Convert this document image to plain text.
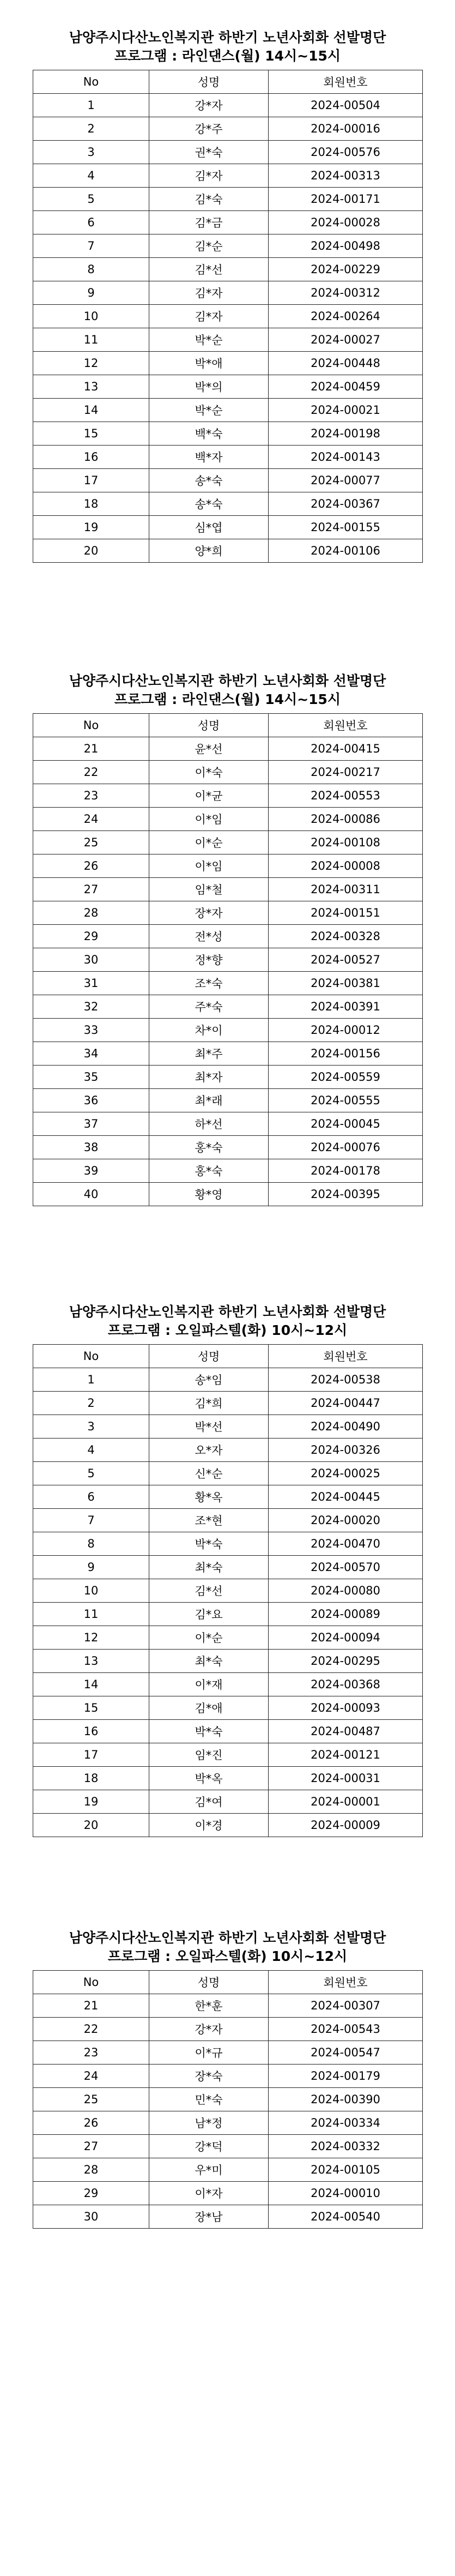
남양주시다산노인복지관 하반기 노년사회화 선발명단
프로그램 : 라인댄스(월) 14시~15시
No	성명	회원번호
1	강*자	2024-00504
2	강*주	2024-00016
3	권*숙	2024-00576
4	김*자	2024-00313
5	김*숙	2024-00171
6	김*금	2024-00028
7	김*순	2024-00498
8	김*선	2024-00229
9	김*자	2024-00312
10	김*자	2024-00264
11	박*순	2024-00027
12	박*애	2024-00448
13	박*의	2024-00459
14	박*순	2024-00021
15	백*숙	2024-00198
16	백*자	2024-00143
17	송*숙	2024-00077
18	송*숙	2024-00367
19	심*엽	2024-00155
20	양*희	2024-00106
남양주시다산노인복지관 하반기 노년사회화 선발명단
프로그램 : 라인댄스(월) 14시~15시
No	성명	회원번호
21	윤*선	2024-00415
22	이*숙	2024-00217
23	이*균	2024-00553
24	이*임	2024-00086
25	이*순	2024-00108
26	이*임	2024-00008
27	임*철	2024-00311
28	장*자	2024-00151
29	전*성	2024-00328
30	정*향	2024-00527
31	조*숙	2024-00381
32	주*숙	2024-00391
33	차*이	2024-00012
34	최*주	2024-00156
35	최*자	2024-00559
36	최*래	2024-00555
37	하*선	2024-00045
38	홍*숙	2024-00076
39	홍*숙	2024-00178
40	황*영	2024-00395
남양주시다산노인복지관 하반기 노년사회화 선발명단
프로그램 : 오일파스텔(화) 10시~12시
No	성명	회원번호
1	송*임	2024-00538
2	김*희	2024-00447
3	박*선	2024-00490
4	오*자	2024-00326
5	신*순	2024-00025
6	황*옥	2024-00445
7	조*현	2024-00020
8	박*숙	2024-00470
9	최*숙	2024-00570
10	김*선	2024-00080
11	김*요	2024-00089
12	이*순	2024-00094
13	최*숙	2024-00295
14	이*재	2024-00368
15	김*애	2024-00093
16	박*숙	2024-00487
17	임*진	2024-00121
18	박*옥	2024-00031
19	김*여	2024-00001
20	이*경	2024-00009
남양주시다산노인복지관 하반기 노년사회화 선발명단
프로그램 : 오일파스텔(화) 10시~12시
No	성명	회원번호
21	한*훈	2024-00307
22	강*자	2024-00543
23	이*규	2024-00547
24	장*숙	2024-00179
25	민*숙	2024-00390
26	남*정	2024-00334
27	강*덕	2024-00332
28	우*미	2024-00105
29	이*자	2024-00010
30	장*남	2024-00540
